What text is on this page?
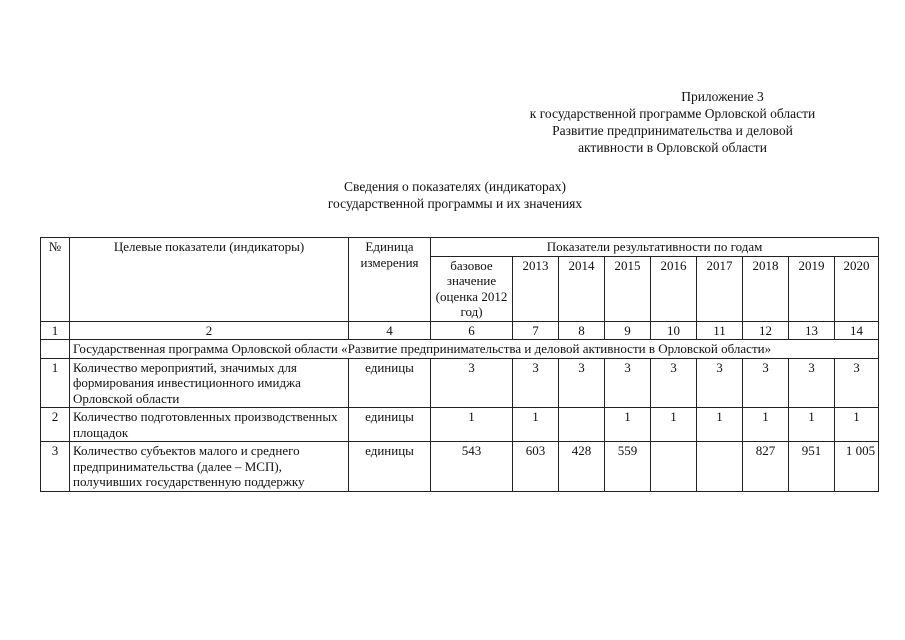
Приложение 3
к государственной программе Орловской области
Развитие предпринимательства и деловой
активности в Орловской области
Сведения о показателях (индикаторах)
государственной программы и их значениях
№	Целевые показатели (индикаторы)	Единица измерения	Показатели результативности по годам								
			базовое значение (оценка 2012 год)	2013	2014	2015	2016	2017	2018	2019	2020
1	2	4	6	7	8	9	10	11	12	13	14
	Государственная программа Орловской области «Развитие предпринимательства и деловой активности в Орловской области»										
1	Количество мероприятий, значимых для формирования инвестиционного имиджа Орловской области	единицы	3	3	3	3	3	3	3	3	3
2	Количество подготовленных производственных площадок	единицы	1	1		1	1	1	1	1	1
3	Количество субъектов малого и среднего предпринимательства (далее – МСП), получивших государственную поддержку	единицы	543	603	428	559			827	951	1 005
